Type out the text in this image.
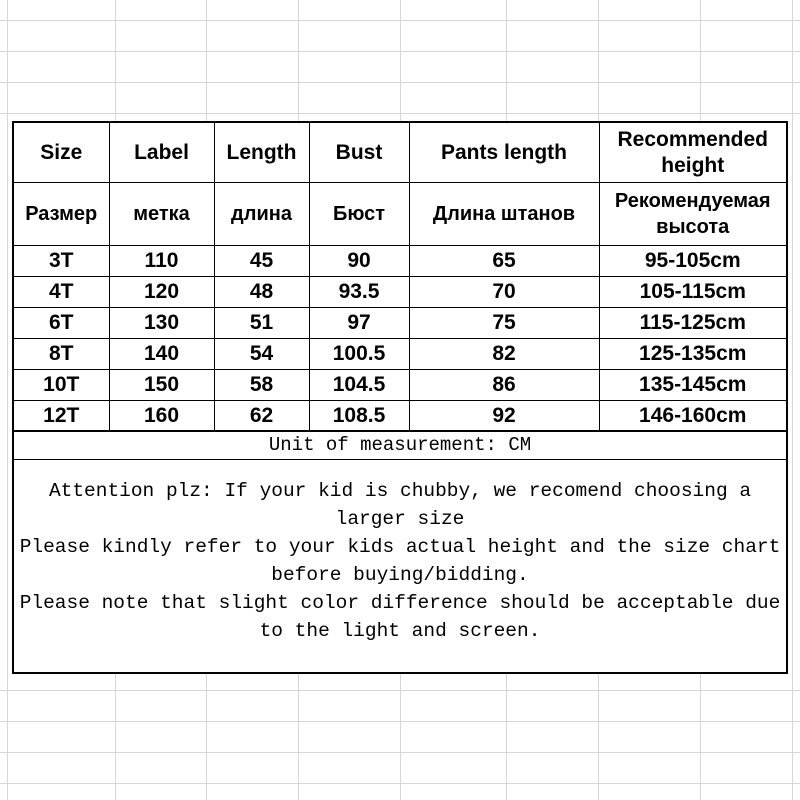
Size	Label	Length	Bust	Pants length	Recommended
height
Размер	метка	длина	Бюст	Длина штанов	Рекомендуемая
высота
3T	110	45	90	65	95-105cm
4T	120	48	93.5	70	105-115cm
6T	130	51	97	75	115-125cm
8T	140	54	100.5	82	125-135cm
10T	150	58	104.5	86	135-145cm
12T	160	62	108.5	92	146-160cm
Unit of measurement: CM

Attention plz: If your kid is chubby, we recomend choosing a larger size

Please kindly refer to your kids actual height and the size chart before buying/bidding.

Please note that slight color difference should be acceptable due to the light and screen.
